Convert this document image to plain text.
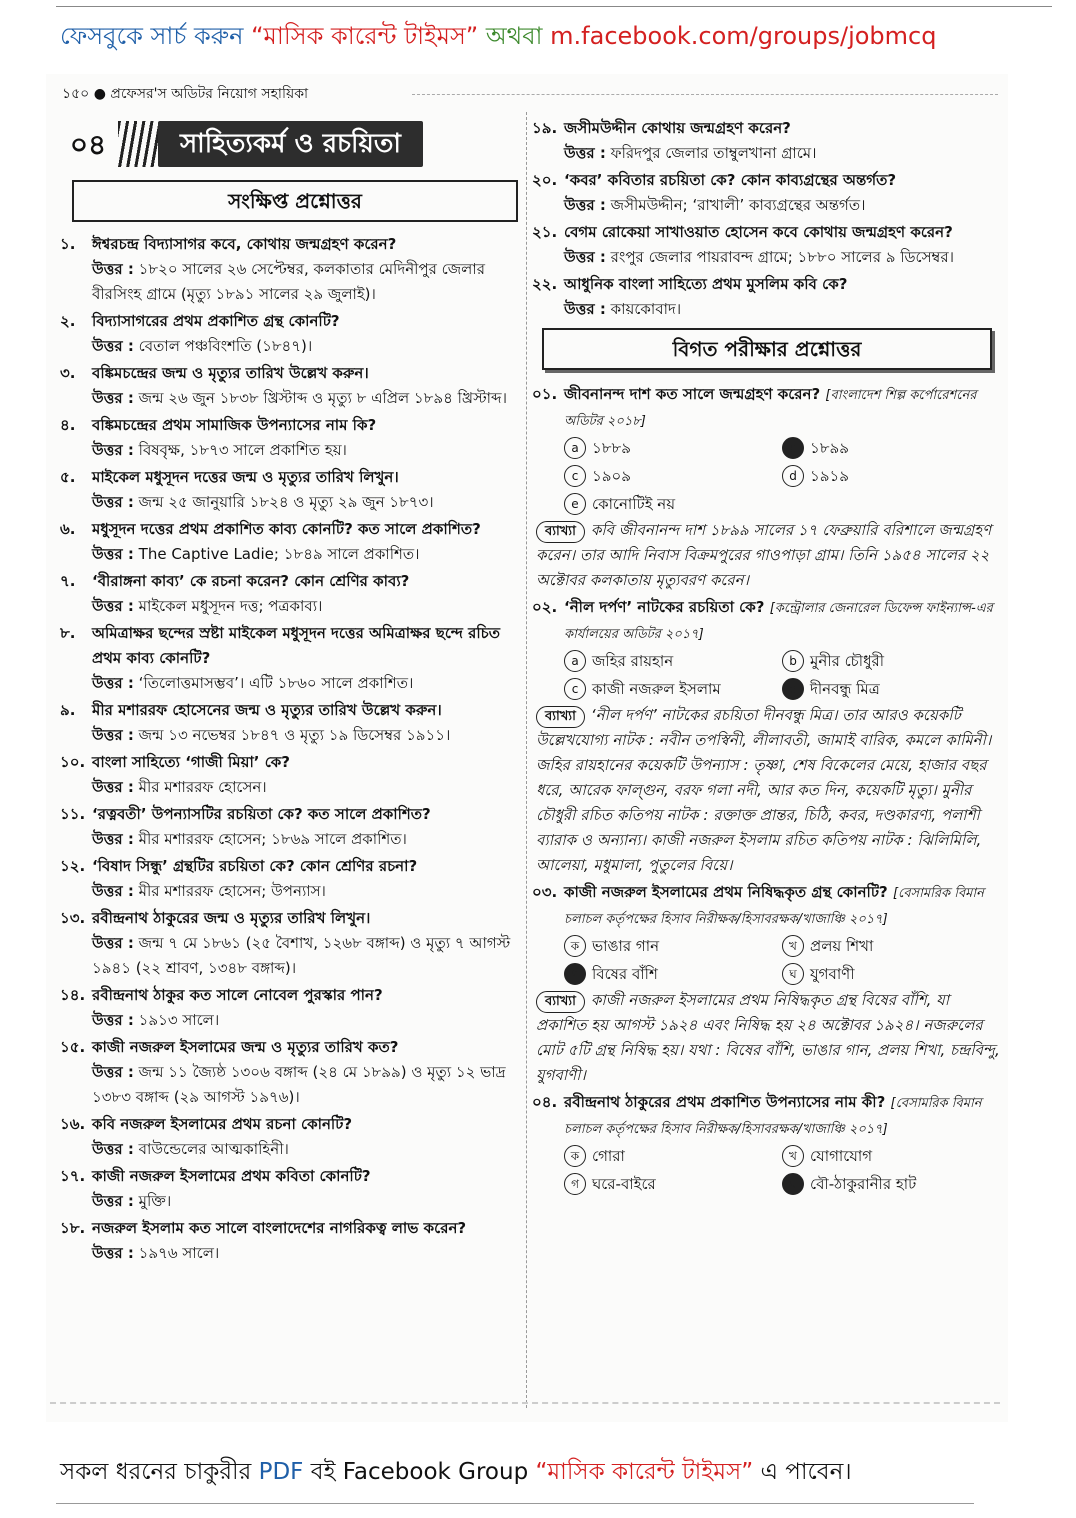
ফেসবুকে সার্চ করুন “মাসিক কারেন্ট টাইমস” অথবা m.facebook.com/groups/jobmcq
১৫০ ● প্রফেসর'স অডিটর নিয়োগ সহায়িকা
০৪	সাহিত্যকর্ম ও রচয়িতা
সংক্ষিপ্ত প্রশ্নোত্তর
১.	ঈশ্বরচন্দ্র বিদ্যাসাগর কবে, কোথায় জন্মগ্রহণ করেন?
উত্তর : ১৮২০ সালের ২৬ সেপ্টেম্বর, কলকাতার মেদিনীপুর জেলার বীরসিংহ গ্রামে (মৃত্যু ১৮৯১ সালের ২৯ জুলাই)।
২.	বিদ্যাসাগরের প্রথম প্রকাশিত গ্রন্থ কোনটি?
উত্তর : বেতাল পঞ্চবিংশতি (১৮৪৭)।
৩.	বঙ্কিমচন্দ্রের জন্ম ও মৃত্যুর তারিখ উল্লেখ করুন।
উত্তর : জন্ম ২৬ জুন ১৮৩৮ খ্রিস্টাব্দ ও মৃত্যু ৮ এপ্রিল ১৮৯৪ খ্রিস্টাব্দ।
৪.	বঙ্কিমচন্দ্রের প্রথম সামাজিক উপন্যাসের নাম কি?
উত্তর : বিষবৃক্ষ, ১৮৭৩ সালে প্রকাশিত হয়।
৫.	মাইকেল মধুসূদন দত্তের জন্ম ও মৃত্যুর তারিখ লিখুন।
উত্তর : জন্ম ২৫ জানুয়ারি ১৮২৪ ও মৃত্যু ২৯ জুন ১৮৭৩।
৬.	মধুসূদন দত্তের প্রথম প্রকাশিত কাব্য কোনটি? কত সালে প্রকাশিত?
উত্তর : The Captive Ladie; ১৮৪৯ সালে প্রকাশিত।
৭.	‘বীরাঙ্গনা কাব্য’ কে রচনা করেন? কোন শ্রেণির কাব্য?
উত্তর : মাইকেল মধুসূদন দত্ত; পত্রকাব্য।
৮.	অমিত্রাক্ষর ছন্দের স্রষ্টা মাইকেল মধুসূদন দত্তের অমিত্রাক্ষর ছন্দে রচিত প্রথম কাব্য কোনটি?
উত্তর : ‘তিলোত্তমাসম্ভব’। এটি ১৮৬০ সালে প্রকাশিত।
৯.	মীর মশাররফ হোসেনের জন্ম ও মৃত্যুর তারিখ উল্লেখ করুন।
উত্তর : জন্ম ১৩ নভেম্বর ১৮৪৭ ও মৃত্যু ১৯ ডিসেম্বর ১৯১১।
১০. বাংলা সাহিত্যে ‘গাজী মিয়া’ কে?
উত্তর : মীর মশাররফ হোসেন।
১১. ‘রত্নবতী’ উপন্যাসটির রচয়িতা কে? কত সালে প্রকাশিত?
উত্তর : মীর মশাররফ হোসেন; ১৮৬৯ সালে প্রকাশিত।
১২. ‘বিষাদ সিন্ধু’ গ্রন্থটির রচয়িতা কে? কোন শ্রেণির রচনা?
উত্তর : মীর মশাররফ হোসেন; উপন্যাস।
১৩. রবীন্দ্রনাথ ঠাকুরের জন্ম ও মৃত্যুর তারিখ লিখুন।
উত্তর : জন্ম ৭ মে ১৮৬১ (২৫ বৈশাখ, ১২৬৮ বঙ্গাব্দ) ও মৃত্যু ৭ আগস্ট ১৯৪১ (২২ শ্রাবণ, ১৩৪৮ বঙ্গাব্দ)।
১৪. রবীন্দ্রনাথ ঠাকুর কত সালে নোবেল পুরস্কার পান?
উত্তর : ১৯১৩ সালে।
১৫. কাজী নজরুল ইসলামের জন্ম ও মৃত্যুর তারিখ কত?
উত্তর : জন্ম ১১ জ্যৈষ্ঠ ১৩০৬ বঙ্গাব্দ (২৪ মে ১৮৯৯) ও মৃত্যু ১২ ভাদ্র ১৩৮৩ বঙ্গাব্দ (২৯ আগস্ট ১৯৭৬)।
১৬. কবি নজরুল ইসলামের প্রথম রচনা কোনটি?
উত্তর : বাউন্ডেলের আত্মকাহিনী।
১৭. কাজী নজরুল ইসলামের প্রথম কবিতা কোনটি?
উত্তর : মুক্তি।
১৮. নজরুল ইসলাম কত সালে বাংলাদেশের নাগরিকত্ব লাভ করেন?
উত্তর : ১৯৭৬ সালে।
১৯. জসীমউদ্দীন কোথায় জন্মগ্রহণ করেন?
উত্তর : ফরিদপুর জেলার তাম্বুলখানা গ্রামে।
২০. ‘কবর’ কবিতার রচয়িতা কে? কোন কাব্যগ্রন্থের অন্তর্গত?
উত্তর : জসীমউদ্দীন; ‘রাখালী’ কাব্যগ্রন্থের অন্তর্গত।
২১. বেগম রোকেয়া সাখাওয়াত হোসেন কবে কোথায় জন্মগ্রহণ করেন?
উত্তর : রংপুর জেলার পায়রাবন্দ গ্রামে; ১৮৮০ সালের ৯ ডিসেম্বর।
২২. আধুনিক বাংলা সাহিত্যে প্রথম মুসলিম কবি কে?
উত্তর : কায়কোবাদ।
বিগত পরীক্ষার প্রশ্নোত্তর
০১. জীবনানন্দ দাশ কত সালে জন্মগ্রহণ করেন? [বাংলাদেশ শিল্প কর্পোরেশনের অডিটর ২০১৮]
a ১৮৮৯	b ১৮৯৯
c ১৯০৯	d ১৯১৯
e কোনোটিই নয়
ব্যাখ্যা কবি জীবনানন্দ দাশ ১৮৯৯ সালের ১৭ ফেব্রুয়ারি বরিশালে জন্মগ্রহণ করেন। তার আদি নিবাস বিক্রমপুরের গাওপাড়া গ্রাম। তিনি ১৯৫৪ সালের ২২ অক্টোবর কলকাতায় মৃত্যুবরণ করেন।
০২. ‘নীল দর্পণ’ নাটকের রচয়িতা কে? [কন্ট্রোলার জেনারেল ডিফেন্স ফাইন্যান্স-এর কার্যালয়ের অডিটর ২০১৭]
a জহির রায়হান	b মুনীর চৌধুরী
c কাজী নজরুল ইসলাম	d দীনবন্ধু মিত্র
ব্যাখ্যা ‘নীল দর্পণ’ নাটকের রচয়িতা দীনবন্ধু মিত্র। তার আরও কয়েকটি উল্লেখযোগ্য নাটক : নবীন তপস্বিনী, লীলাবতী, জামাই বারিক, কমলে কামিনী। জহির রায়হানের কয়েকটি উপন্যাস : তৃষ্ণা, শেষ বিকেলের মেয়ে, হাজার বছর ধরে, আরেক ফাল্গুন, বরফ গলা নদী, আর কত দিন, কয়েকটি মৃত্যু। মুনীর চৌধুরী রচিত কতিপয় নাটক : রক্তাক্ত প্রান্তর, চিঠি, কবর, দণ্ডকারণ্য, পলাশী ব্যারাক ও অন্যান্য। কাজী নজরুল ইসলাম রচিত কতিপয় নাটক : ঝিলিমিলি, আলেয়া, মধুমালা, পুতুলের বিয়ে।
০৩. কাজী নজরুল ইসলামের প্রথম নিষিদ্ধকৃত গ্রন্থ কোনটি? [বেসামরিক বিমান চলাচল কর্তৃপক্ষের হিসাব নিরীক্ষক/হিসাবরক্ষক/খাজাঞ্চি ২০১৭]
ক ভাঙার গান	খ প্রলয় শিখা
গ বিষের বাঁশি	ঘ যুগবাণী
ব্যাখ্যা কাজী নজরুল ইসলামের প্রথম নিষিদ্ধকৃত গ্রন্থ বিষের বাঁশি, যা প্রকাশিত হয় আগস্ট ১৯২৪ এবং নিষিদ্ধ হয় ২৪ অক্টোবর ১৯২৪। নজরুলের মোট ৫টি গ্রন্থ নিষিদ্ধ হয়। যথা : বিষের বাঁশি, ভাঙার গান, প্রলয় শিখা, চন্দ্রবিন্দু, যুগবাণী।
০৪. রবীন্দ্রনাথ ঠাকুরের প্রথম প্রকাশিত উপন্যাসের নাম কী? [বেসামরিক বিমান চলাচল কর্তৃপক্ষের হিসাব নিরীক্ষক/হিসাবরক্ষক/খাজাঞ্চি ২০১৭]
ক গোরা	খ যোগাযোগ
গ ঘরে-বাইরে	ঘ বৌ-ঠাকুরানীর হাট
সকল ধরনের চাকুরীর PDF বই Facebook Group “মাসিক কারেন্ট টাইমস” এ পাবেন।
